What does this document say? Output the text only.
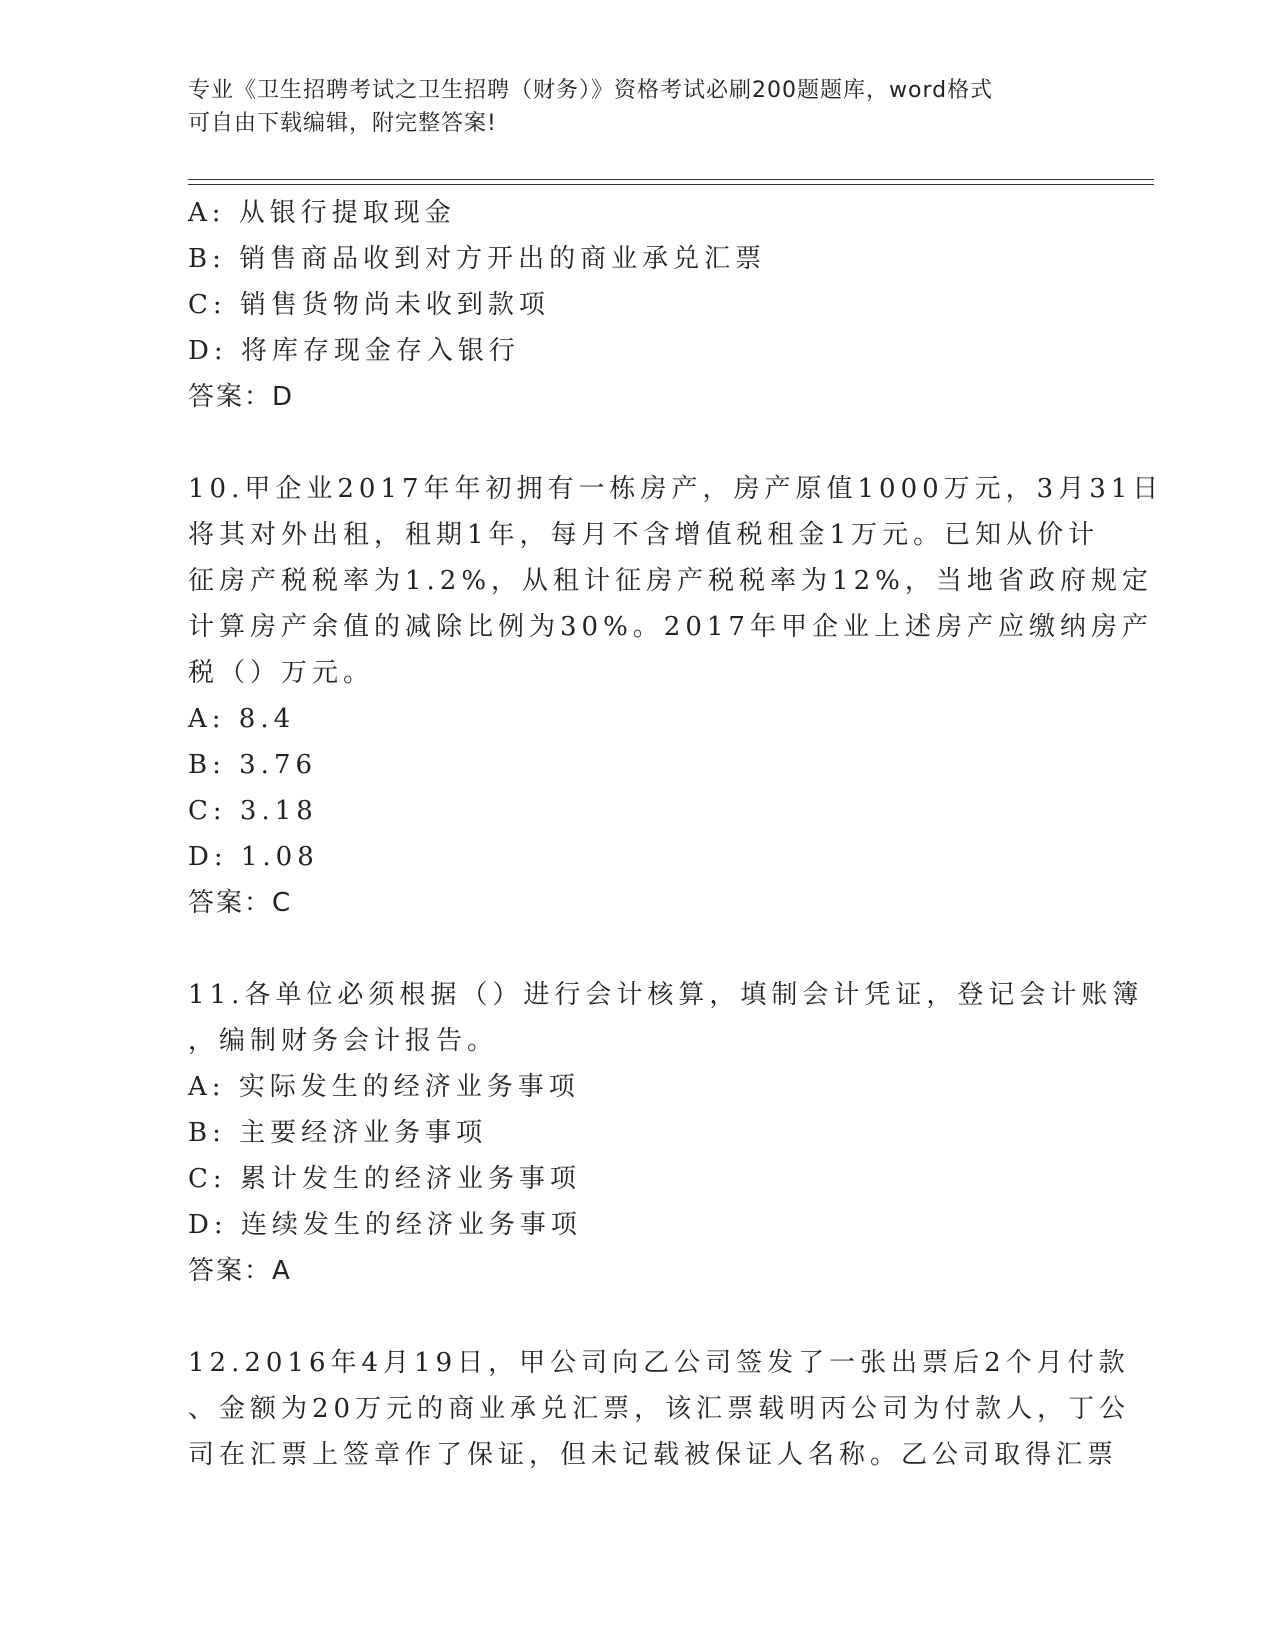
专业《卫生招聘考试之卫生招聘（财务）》资格考试必刷200题题库，word格式
可自由下载编辑，附完整答案!
A: 从银行提取现金
B: 销售商品收到对方开出的商业承兑汇票
C: 销售货物尚未收到款项
D: 将库存现金存入银行
答案：D
10.甲企业2017年年初拥有一栋房产，房产原值1000万元，3月31日
将其对外出租，租期1年，每月不含增值税租金1万元。已知从价计
征房产税税率为1.2%，从租计征房产税税率为12%，当地省政府规定
计算房产余值的减除比例为30%。2017年甲企业上述房产应缴纳房产
税（）万元。
A: 8.4
B: 3.76
C: 3.18
D: 1.08
答案：C
11.各单位必须根据（）进行会计核算，填制会计凭证，登记会计账簿
，编制财务会计报告。
A: 实际发生的经济业务事项
B: 主要经济业务事项
C: 累计发生的经济业务事项
D: 连续发生的经济业务事项
答案：A
12.2016年4月19日，甲公司向乙公司签发了一张出票后2个月付款
、金额为20万元的商业承兑汇票，该汇票载明丙公司为付款人，丁公
司在汇票上签章作了保证，但未记载被保证人名称。乙公司取得汇票
